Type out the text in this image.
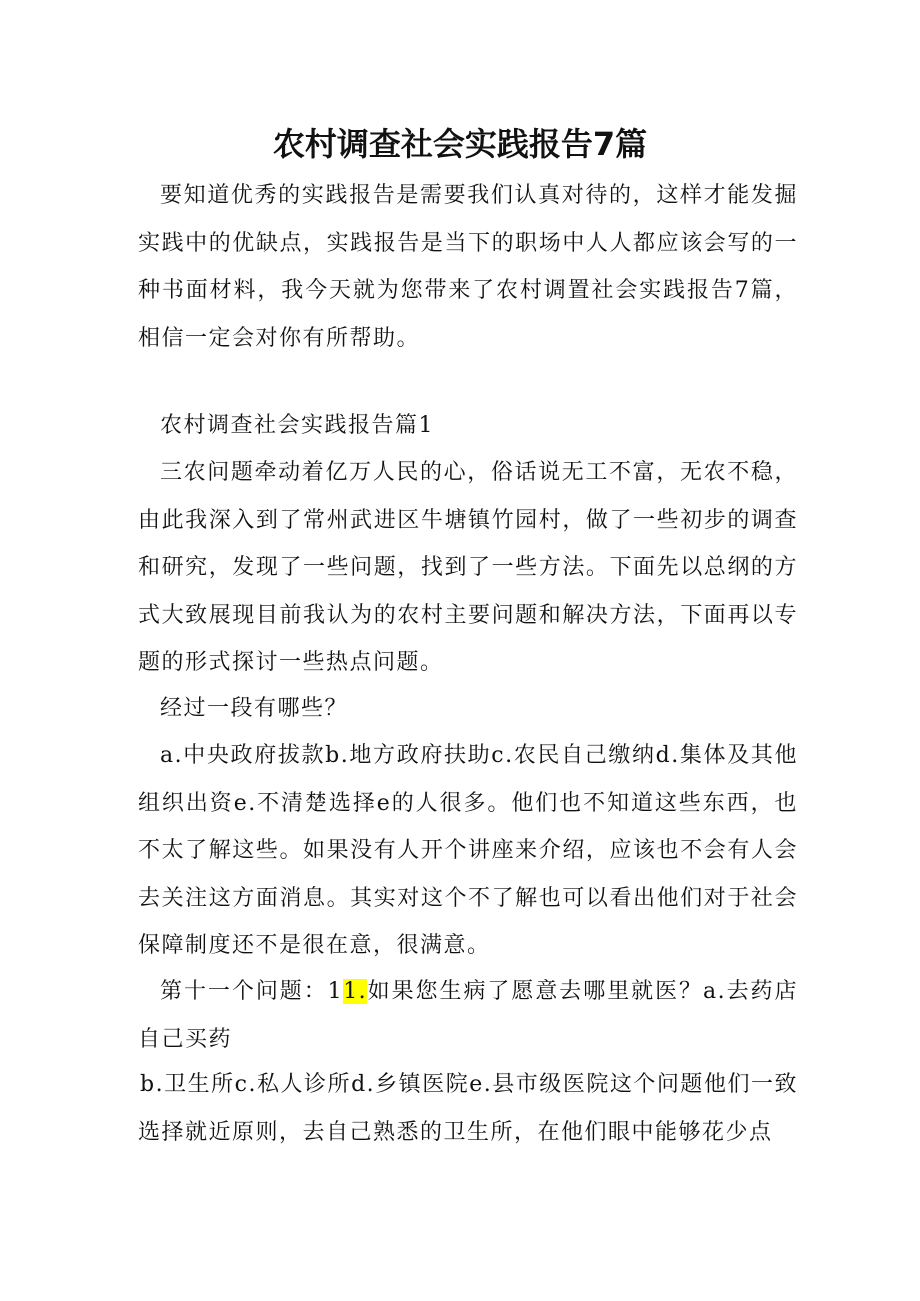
农村调查社会实践报告7篇

要知道优秀的实践报告是需要我们认真对待的，这样才能发掘实践中的优缺点，实践报告是当下的职场中人人都应该会写的一种书面材料，我今天就为您带来了农村调置社会实践报告7篇，相信一定会对你有所帮助。

农村调查社会实践报告篇1

三农问题牵动着亿万人民的心，俗话说无工不富，无农不稳，由此我深入到了常州武进区牛塘镇竹园村，做了一些初步的调查和研究，发现了一些问题，找到了一些方法。下面先以总纲的方式大致展现目前我认为的农村主要问题和解决方法，下面再以专题的形式探讨一些热点问题。

经过一段有哪些？

a.中央政府拔款b.地方政府扶助c.农民自己缴纳d.集体及其他组织出资e.不清楚选择e的人很多。他们也不知道这些东西，也不太了解这些。如果没有人开个讲座来介绍，应该也不会有人会去关注这方面消息。其实对这个不了解也可以看出他们对于社会保障制度还不是很在意，很满意。

第十一个问题：11.如果您生病了愿意去哪里就医？a.去药店自己买药

b.卫生所c.私人诊所d.乡镇医院e.县市级医院这个问题他们一致选择就近原则，去自己熟悉的卫生所，在他们眼中能够花少点
